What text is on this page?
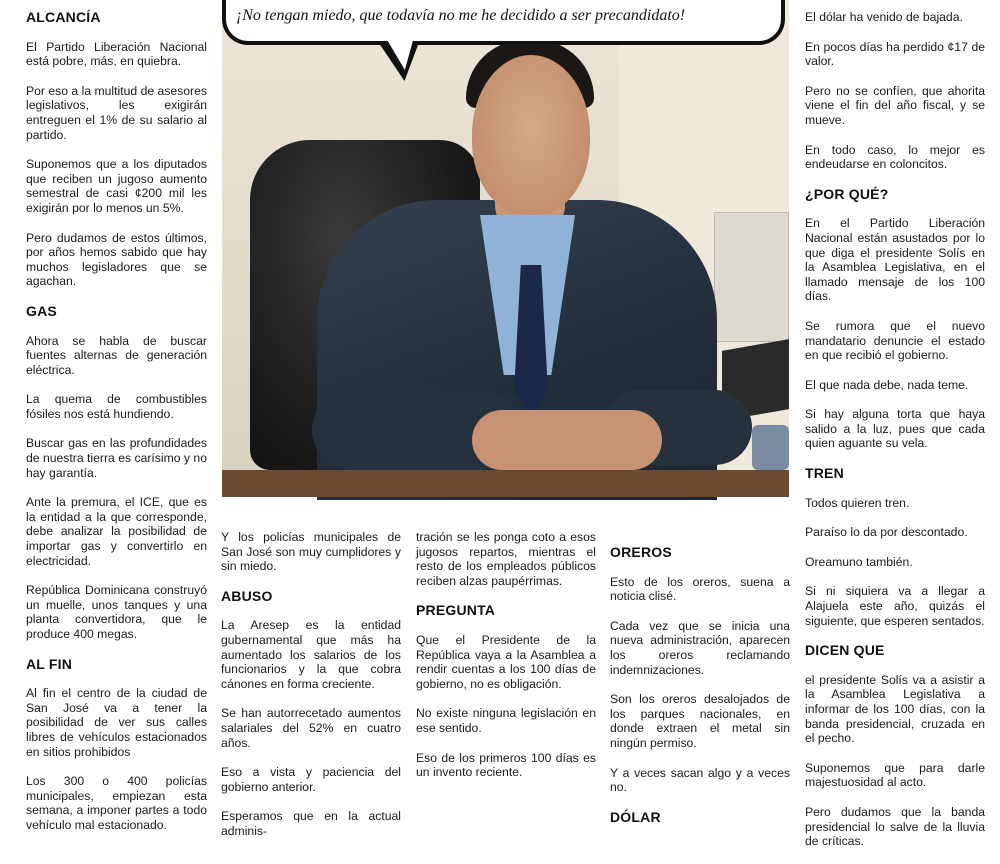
¡No tengan miedo, que todavía no me he decidido a ser precandidato!
ALCANCÍA

El Partido Liberación Nacional está pobre, más, en quiebra.

Por eso a la multitud de asesores legislativos, les exigirán entreguen el 1% de su salario al partido.

Suponemos que a los diputados que reciben un jugoso aumento semestral de casi ¢200 mil les exigirán por lo menos un 5%.

Pero dudamos de estos últimos, por años hemos sabido que hay muchos legisladores que se agachan.

GAS

Ahora se habla de buscar fuentes alternas de generación eléctrica.

La quema de combustibles fósiles nos está hundiendo.

Buscar gas en las profundidades de nuestra tierra es carísimo y no hay garantía.

Ante la premura, el ICE, que es la entidad a la que corresponde, debe analizar la posibilidad de importar gas y convertirlo en electricidad.

República Dominicana construyó un muelle, unos tanques y una planta convertidora, que le produce 400 megas.

AL FIN

Al fin el centro de la ciudad de San José va a tener la posibilidad de ver sus calles libres de vehículos estacionados en sitios prohibidos

Los 300 o 400 policías municipales, empiezan esta semana, a imponer partes a todo vehículo mal estacionado.

Y los policías municipales de San José son muy cumplidores y sin miedo.

ABUSO

La Aresep es la entidad gubernamental que más ha aumentado los salarios de los funcionarios y la que cobra cánones en forma creciente.

Se han autorrecetado aumentos salariales del 52% en cuatro años.

Eso a vista y paciencia del gobierno anterior.

Esperamos que en la actual adminis-

tración se les ponga coto a esos jugosos repartos, mientras el resto de los empleados públicos reciben alzas paupérrimas.

PREGUNTA

Que el Presidente de la República vaya a la Asamblea a rendir cuentas a los 100 días de gobierno, no es obligación.

No existe ninguna legislación en ese sentido.

Eso de los primeros 100 días es un invento reciente.

OREROS

Esto de los oreros, suena a noticia clisé.

Cada vez que se inicia una nueva administración, aparecen los oreros reclamando indemnizaciones.

Son los oreros desalojados de los parques nacionales, en donde extraen el metal sin ningún permiso.

Y a veces sacan algo y a veces no.

DÓLAR

El dólar ha venido de bajada.

En pocos días ha perdido ¢17 de valor.

Pero no se confíen, que ahorita viene el fin del año fiscal, y se mueve.

En todo caso, lo mejor es endeudarse en coloncitos.

¿POR QUÉ?

En el Partido Liberación Nacional están asustados por lo que diga el presidente Solís en la Asamblea Legislativa, en el llamado mensaje de los 100 días.

Se rumora que el nuevo mandatario denuncie el estado en que recibió el gobierno.

El que nada debe, nada teme.

Si hay alguna torta que haya salido a la luz, pues que cada quien aguante su vela.

TREN

Todos quieren tren.

Paraíso lo da por descontado.

Oreamuno también.

Si ni siquiera va a llegar a Alajuela este año, quizás el siguiente, que esperen sentados.

DICEN QUE

el presidente Solís va a asistir a la Asamblea Legislativa a informar de los 100 días, con la banda presidencial, cruzada en el pecho.

Suponemos que para darle majestuosidad al acto.

Pero dudamos que la banda presidencial lo salve de la lluvia de críticas.
